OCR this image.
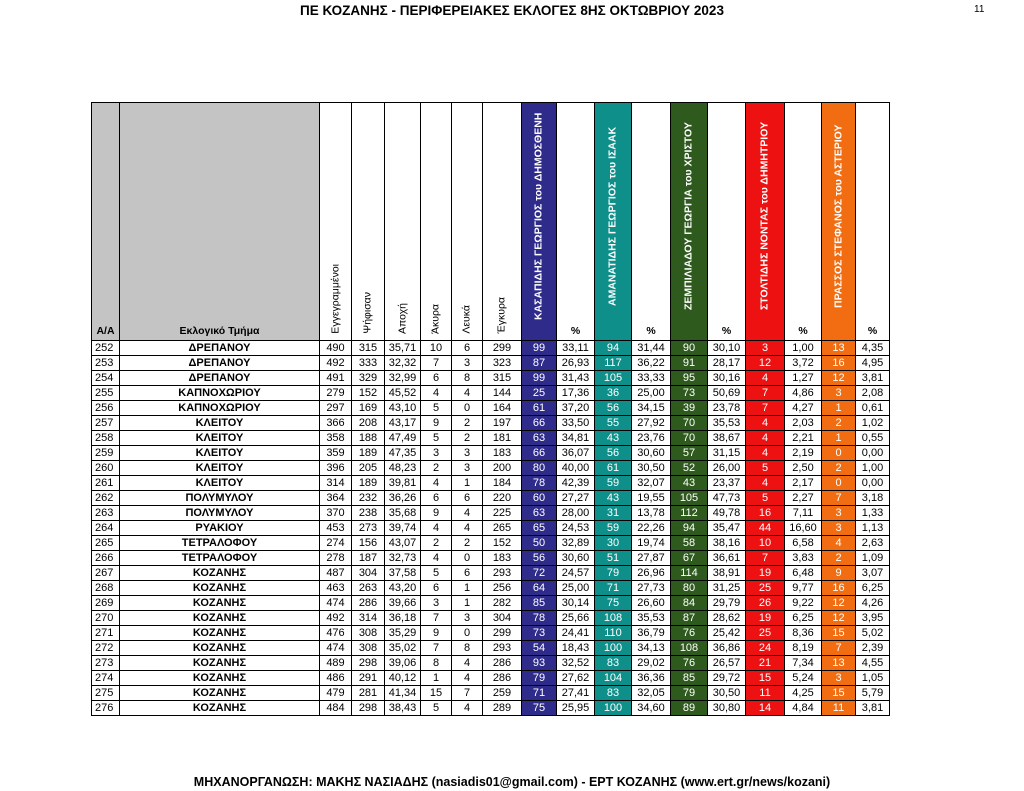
ΠΕ ΚΟΖΑΝΗΣ - ΠΕΡΙΦΕΡΕΙΑΚΕΣ ΕΚΛΟΓΕΣ 8ΗΣ ΟΚΤΩΒΡΙΟΥ 2023	11
Α/Α	Εκλογικό Τμήμα	Εγγεγραμμένοι	Ψήφισαν	Αποχή	Άκυρα	Λευκά	Έγκυρα	ΚΑΣΑΠΙΔΗΣ ΓΕΩΡΓΙΟΣ του ΔΗΜΟΣΘΕΝΗ	%	ΑΜΑΝΑΤΙΔΗΣ ΓΕΩΡΓΙΟΣ του ΙΣΑΑΚ	%	ΖΕΜΠΙΛΙΑΔΟΥ ΓΕΩΡΓΙΑ του ΧΡΙΣΤΟΥ	%	ΣΤΟΛΤΙΔΗΣ ΝΟΝΤΑΣ του ΔΗΜΗΤΡΙΟΥ	%	ΠΡΑΣΣΟΣ ΣΤΕΦΑΝΟΣ του ΑΣΤΕΡΙΟΥ	%

252	ΔΡΕΠΑΝΟΥ	490	315	35,71	10	6	299	99	33,11	94	31,44	90	30,10	3	1,00	13	4,35
253	ΔΡΕΠΑΝΟΥ	492	333	32,32	7	3	323	87	26,93	117	36,22	91	28,17	12	3,72	16	4,95
254	ΔΡΕΠΑΝΟΥ	491	329	32,99	6	8	315	99	31,43	105	33,33	95	30,16	4	1,27	12	3,81
255	ΚΑΠΝΟΧΩΡΙΟΥ	279	152	45,52	4	4	144	25	17,36	36	25,00	73	50,69	7	4,86	3	2,08
256	ΚΑΠΝΟΧΩΡΙΟΥ	297	169	43,10	5	0	164	61	37,20	56	34,15	39	23,78	7	4,27	1	0,61
257	ΚΛΕΙΤΟΥ	366	208	43,17	9	2	197	66	33,50	55	27,92	70	35,53	4	2,03	2	1,02
258	ΚΛΕΙΤΟΥ	358	188	47,49	5	2	181	63	34,81	43	23,76	70	38,67	4	2,21	1	0,55
259	ΚΛΕΙΤΟΥ	359	189	47,35	3	3	183	66	36,07	56	30,60	57	31,15	4	2,19	0	0,00
260	ΚΛΕΙΤΟΥ	396	205	48,23	2	3	200	80	40,00	61	30,50	52	26,00	5	2,50	2	1,00
261	ΚΛΕΙΤΟΥ	314	189	39,81	4	1	184	78	42,39	59	32,07	43	23,37	4	2,17	0	0,00
262	ΠΟΛΥΜΥΛΟΥ	364	232	36,26	6	6	220	60	27,27	43	19,55	105	47,73	5	2,27	7	3,18
263	ΠΟΛΥΜΥΛΟΥ	370	238	35,68	9	4	225	63	28,00	31	13,78	112	49,78	16	7,11	3	1,33
264	ΡΥΑΚΙΟΥ	453	273	39,74	4	4	265	65	24,53	59	22,26	94	35,47	44	16,60	3	1,13
265	ΤΕΤΡΑΛΟΦΟΥ	274	156	43,07	2	2	152	50	32,89	30	19,74	58	38,16	10	6,58	4	2,63
266	ΤΕΤΡΑΛΟΦΟΥ	278	187	32,73	4	0	183	56	30,60	51	27,87	67	36,61	7	3,83	2	1,09
267	ΚΟΖΑΝΗΣ	487	304	37,58	5	6	293	72	24,57	79	26,96	114	38,91	19	6,48	9	3,07
268	ΚΟΖΑΝΗΣ	463	263	43,20	6	1	256	64	25,00	71	27,73	80	31,25	25	9,77	16	6,25
269	ΚΟΖΑΝΗΣ	474	286	39,66	3	1	282	85	30,14	75	26,60	84	29,79	26	9,22	12	4,26
270	ΚΟΖΑΝΗΣ	492	314	36,18	7	3	304	78	25,66	108	35,53	87	28,62	19	6,25	12	3,95
271	ΚΟΖΑΝΗΣ	476	308	35,29	9	0	299	73	24,41	110	36,79	76	25,42	25	8,36	15	5,02
272	ΚΟΖΑΝΗΣ	474	308	35,02	7	8	293	54	18,43	100	34,13	108	36,86	24	8,19	7	2,39
273	ΚΟΖΑΝΗΣ	489	298	39,06	8	4	286	93	32,52	83	29,02	76	26,57	21	7,34	13	4,55
274	ΚΟΖΑΝΗΣ	486	291	40,12	1	4	286	79	27,62	104	36,36	85	29,72	15	5,24	3	1,05
275	ΚΟΖΑΝΗΣ	479	281	41,34	15	7	259	71	27,41	83	32,05	79	30,50	11	4,25	15	5,79
276	ΚΟΖΑΝΗΣ	484	298	38,43	5	4	289	75	25,95	100	34,60	89	30,80	14	4,84	11	3,81
ΜΗΧΑΝΟΡΓΑΝΩΣΗ: ΜΑΚΗΣ ΝΑΣΙΑΔΗΣ (nasiadis01@gmail.com) - ΕΡΤ ΚΟΖΑΝΗΣ (www.ert.gr/news/kozani)
